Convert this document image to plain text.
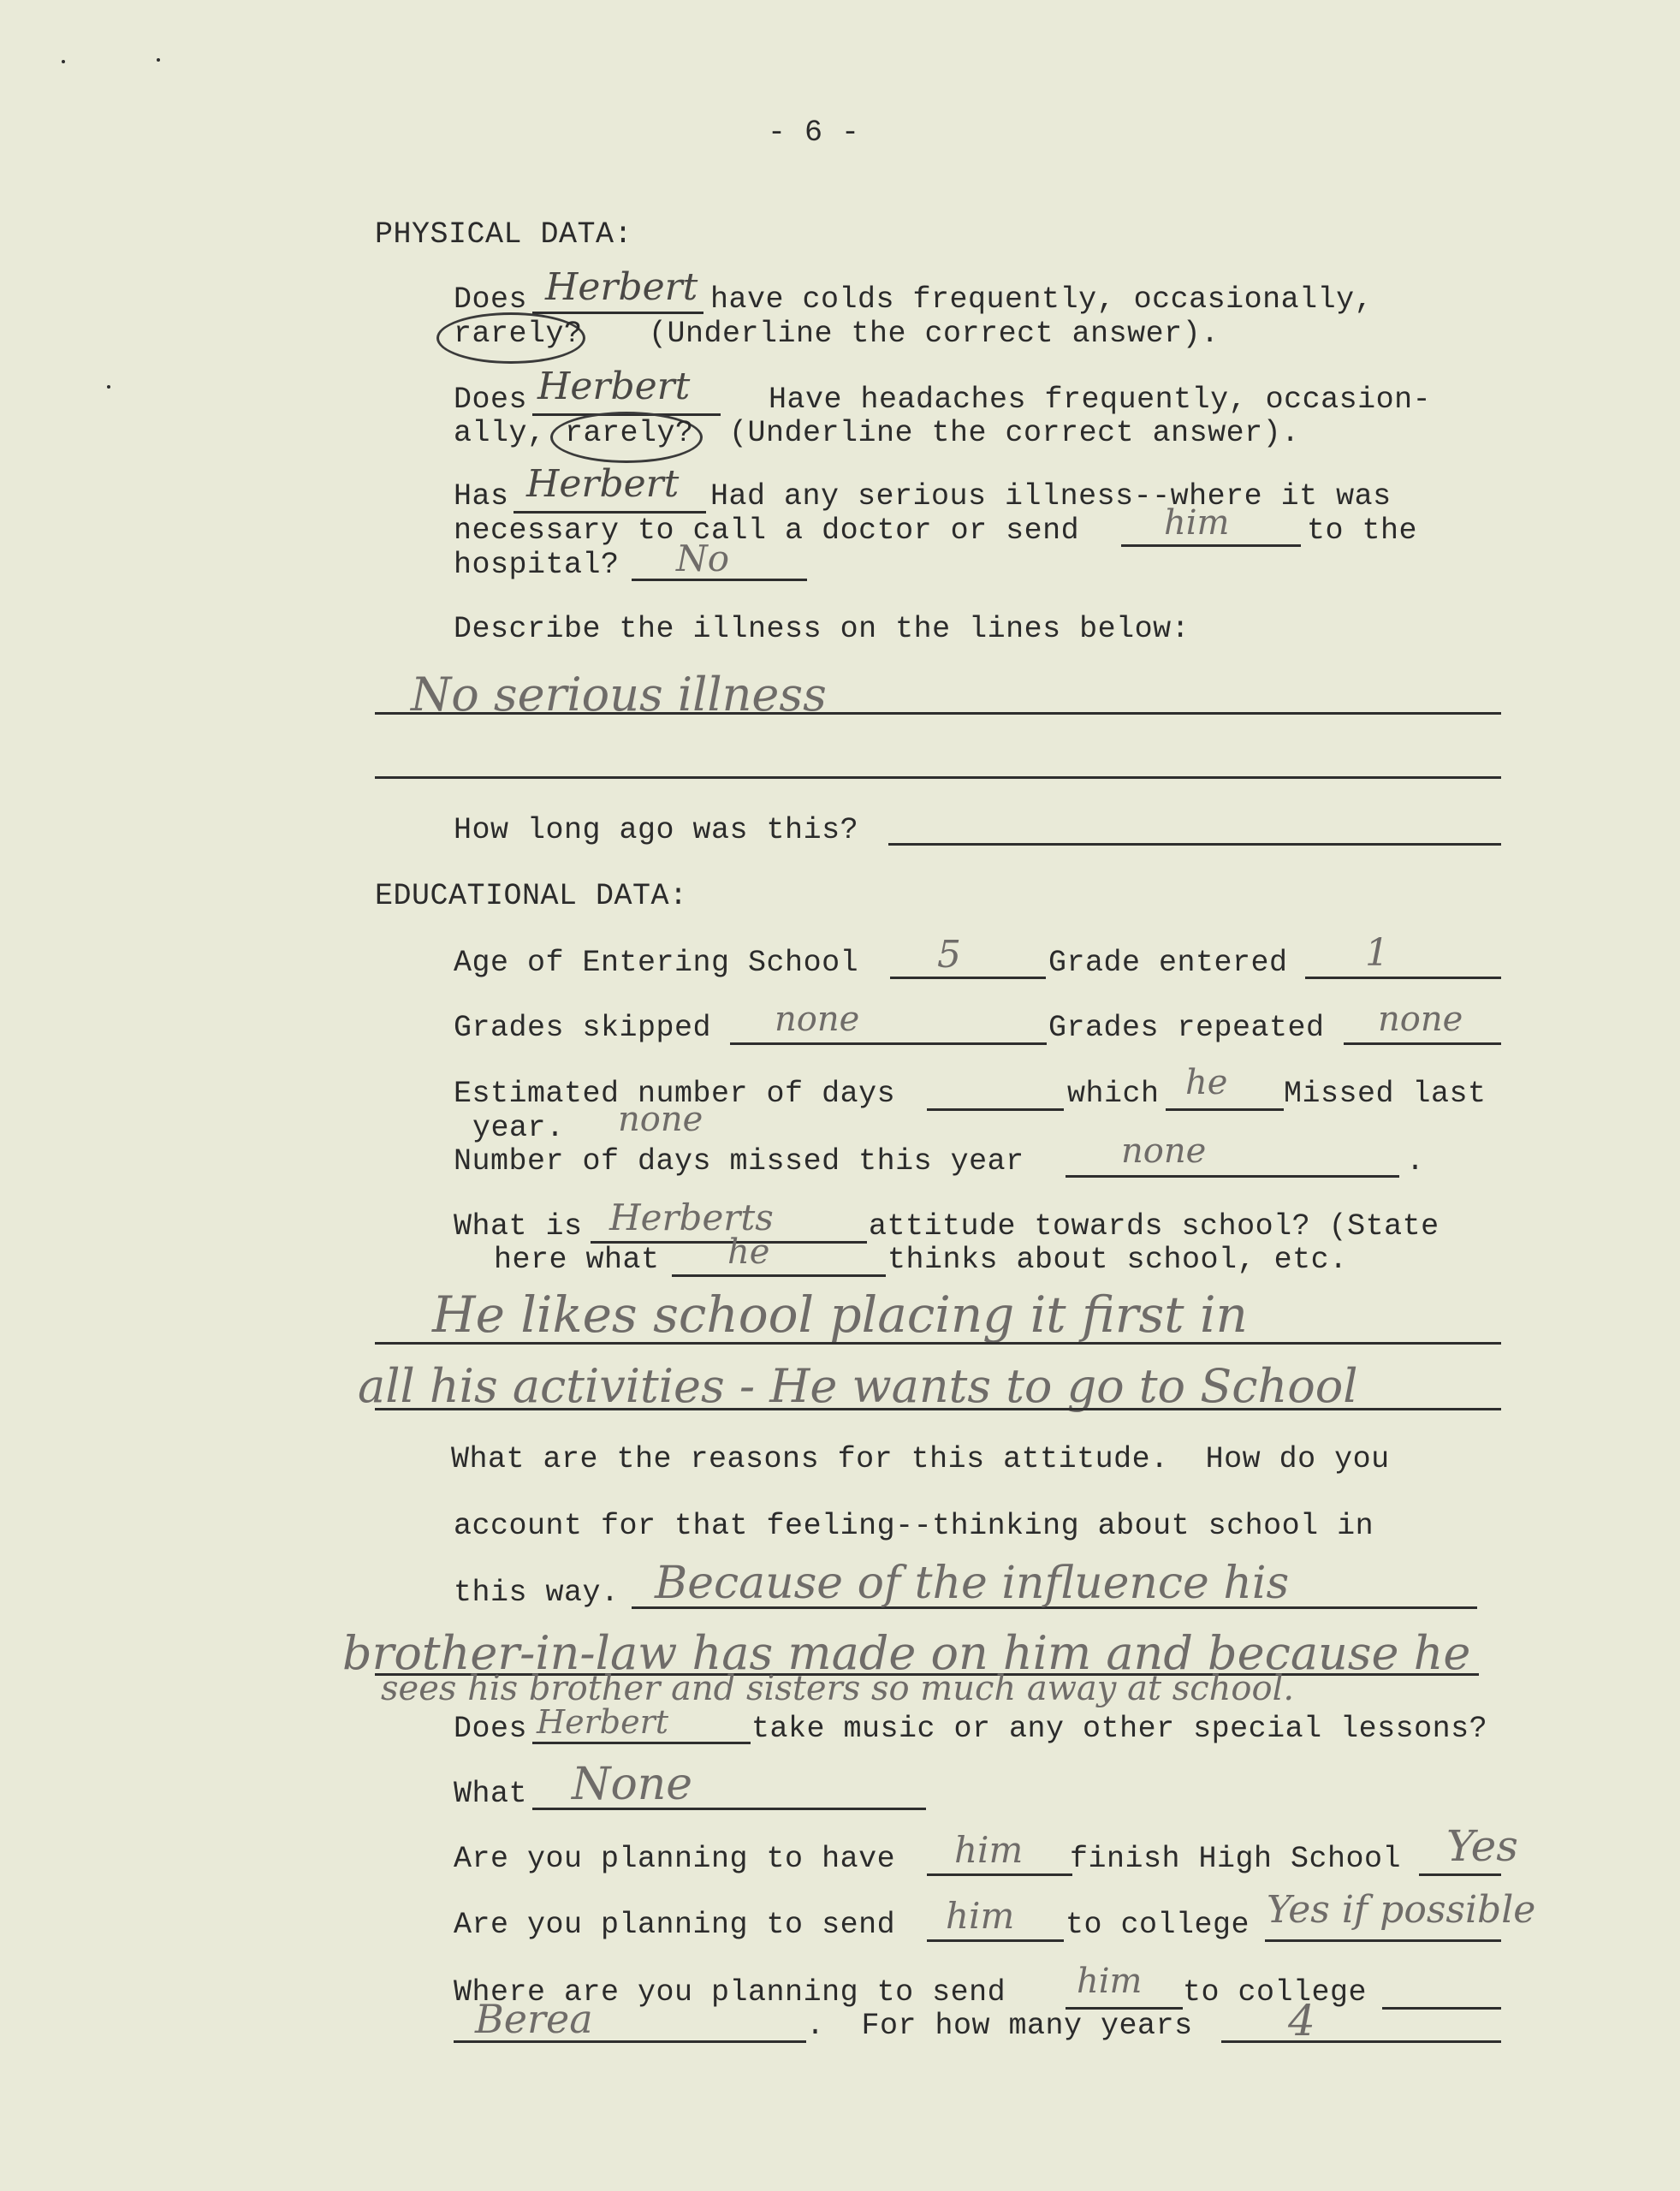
- 6 -
PHYSICAL DATA:
Does Herbert have colds frequently, occasionally,
rarely? (Underline the correct answer).
Does Herbert	Have headaches frequently, occasion-
ally, rarely? (Underline the correct answer).
Has Herbert Had any serious illness--where it was
necessary to call a doctor or send him	to the
hospital? No
Describe the illness on the lines below:
No serious illness
How long ago was this?
EDUCATIONAL DATA:
Age of Entering School 5	Grade entered 1
Grades skipped none	Grades repeated none
Estimated number of days	which he Missed last
year. none
Number of days missed this year	none	.
What is Herberts	attitude towards school? (State
here what he	thinks about school, etc.
He likes school placing it first in
all his activities - He wants to go to School
What are the reasons for this attitude.  How do you
account for that feeling--thinking about school in
this way. Because of the influence his
brother-in-law has made on him and because he
sees his brother and sisters so much away at school.
Does Herbert	take music or any other special lessons?
What None
Are you planning to have him finish High School Yes
Are you planning to send him to college Yes if possible
Where are you planning to send him to college
Berea	.  For how many years 4
